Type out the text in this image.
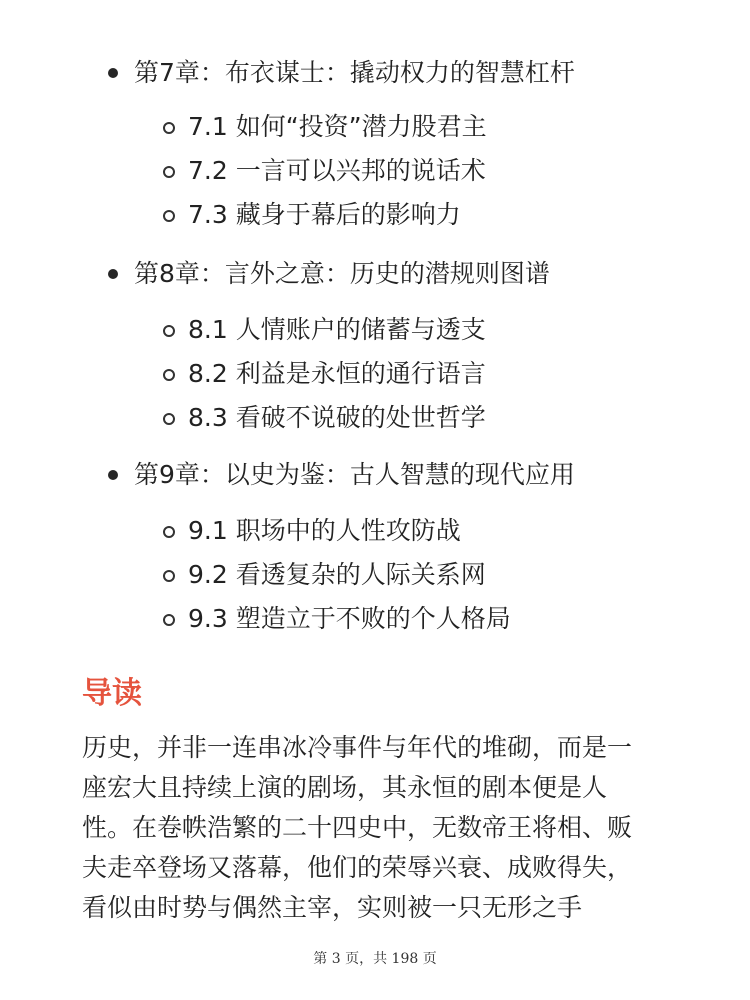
第7章：布衣谋士：撬动权力的智慧杠杆
7.1 如何“投资”潜力股君主
7.2 一言可以兴邦的说话术
7.3 藏身于幕后的影响力
第8章：言外之意：历史的潜规则图谱
8.1 人情账户的储蓄与透支
8.2 利益是永恒的通行语言
8.3 看破不说破的处世哲学
第9章：以史为鉴：古人智慧的现代应用
9.1 职场中的人性攻防战
9.2 看透复杂的人际关系网
9.3 塑造立于不败的个人格局
导读
历史，并非一连串冰冷事件与年代的堆砌，而是一
座宏大且持续上演的剧场，其永恒的剧本便是人
性。在卷帙浩繁的二十四史中，无数帝王将相、贩
夫走卒登场又落幕，他们的荣辱兴衰、成败得失，
看似由时势与偶然主宰，实则被一只无形之手
第 3 页，共 198 页
